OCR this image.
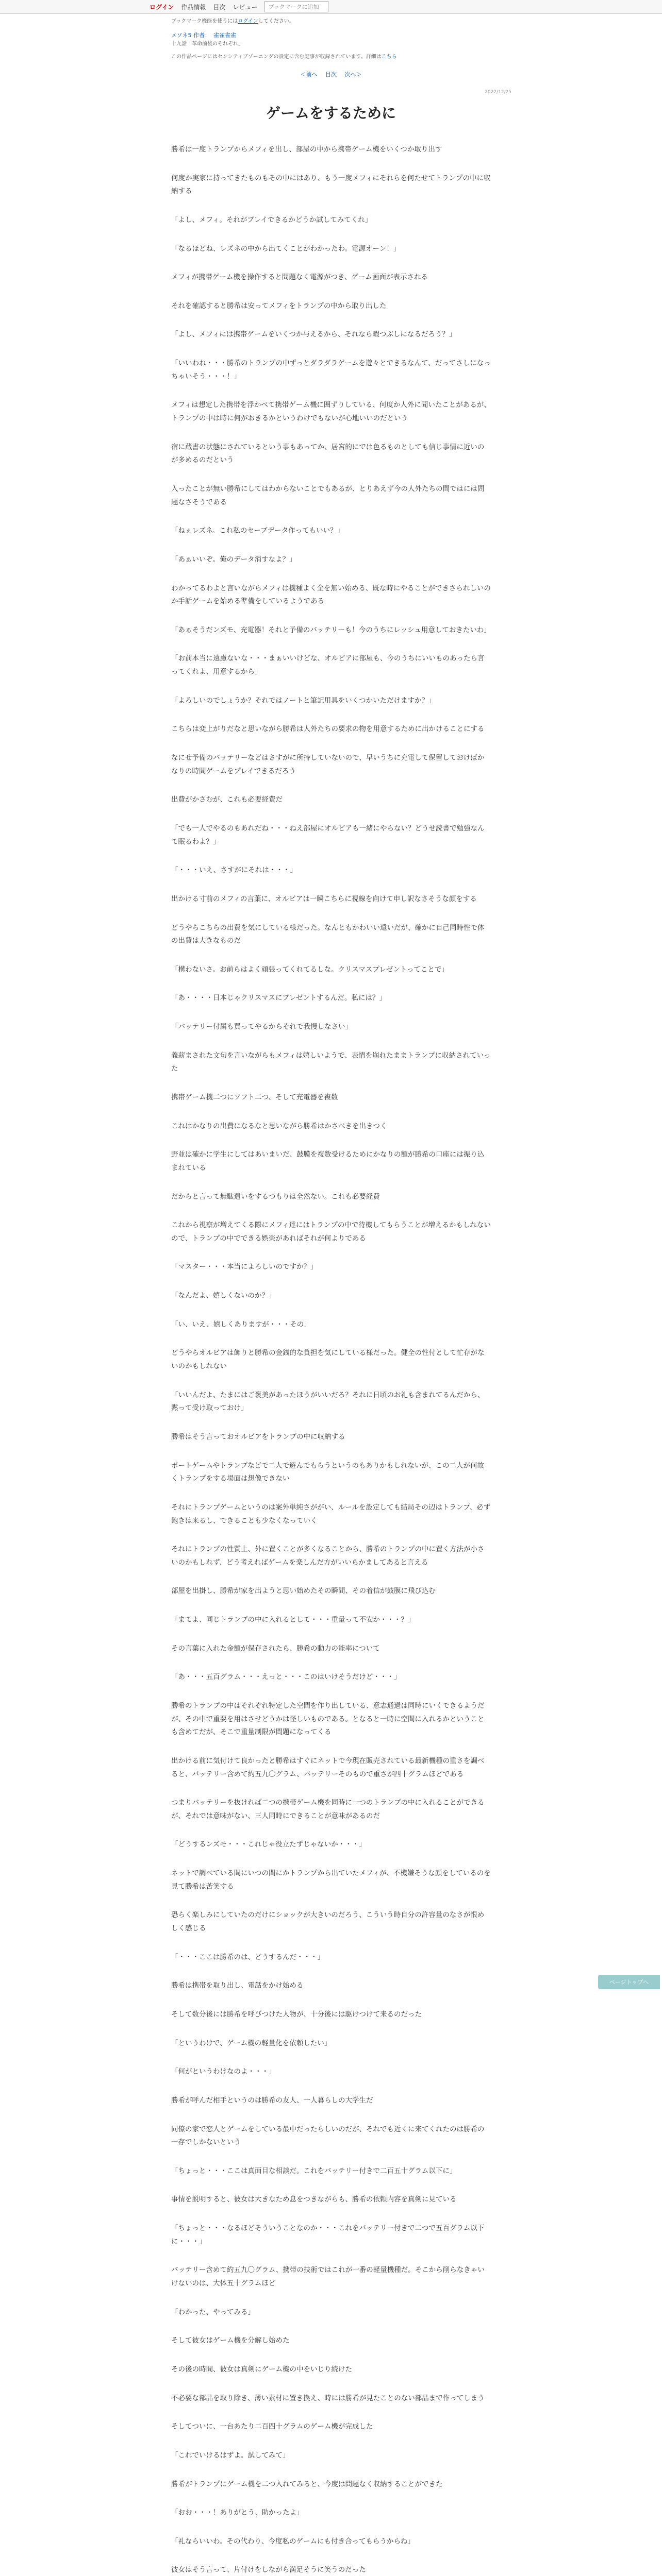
ログイン 作品情報 目次 レビュー	ブックマークに追加
ブックマーク機能を使うにはログインしてください。
メソネ5 作者： 雀雀雀雀
十九話「革命前後のそれぞれ」
この作品ページにはセンシティブゾーニングの設定に含む記事が収録されています。詳細はこちら
＜前へ 目次 次へ＞
2022/12/25
ゲームをするために

勝希は一度トランプからメフィを出し、部屋の中から携帯ゲーム機をいくつか取り出す

何度か実家に持ってきたものもその中にはあり、もう一度メフィにそれらを何たせてトランプの中に収納する

「よし、メフィ。それがプレイできるかどうか試してみてくれ」

「なるほどね、レズネの中から出てくことがわかったわ。電源オーン！」

メフィが携帯ゲーム機を操作すると問題なく電源がつき、ゲーム画面が表示される

それを確認すると勝希は安ってメフィをトランプの中から取り出した

「よし、メフィには携帯ゲームをいくつか与えるから、それなら暇つぶしになるだろう？」

「いいわね・・・勝希のトランプの中ずっとダラダラゲームを遊々とできるなんて、だってさしになっちゃいそう・・・！」

メフィは想定した携帯を浮かべて携帯ゲーム機に囲ずりしている、何度か人外に聞いたことがあるが、トランプの中は時に何がおきるかというわけでもないが心地いいのだという

宿に蔵書の状態にされているという事もあってか、居宮的にでは色るものとしても信じ事情に近いのが多めるのだという

入ったことが無い勝希にしてはわからないことでもあるが、とりあえず今の人外たちの間ではには問題なさそうである

「ねぇレズネ。これ私のセーブデータ作ってもいい？」

「あぁいいぞ。俺のデータ消すなよ？」

わかってるわよと言いながらメフィは機種よく全を無い始める、既な時にやることができさられしいのか手話ゲームを始める準備をしているようである

「あぁそうだンズモ、充電器！それと予備のバッテリーも！今のうちにレッシュ用意しておきたいわ」

「お前本当に遠慮ないな・・・まぁいいけどな、オルビアに部屋も、今のうちにいいものあったら言ってくれよ、用意するから」

「よろしいのでしょうか？それではノートと筆記用具をいくつかいただけますか？」

こちらは変上がりだなと思いながら勝希は人外たちの要求の物を用意するために出かけることにする

なにせ予備のバッテリーなどはさすがに所持していないので、早いうちに充電して保留しておけばかなりの時間ゲームをプレイできるだろう

出費がかさむが、これも必要経費だ

「でも一人でやるのもあれだね・・・ねえ部屋にオルビアも一緒にやらない？どうせ読書で勉強なんて眠るわよ？」

「・・・いえ、さすがにそれは・・・」

出かける寸前のメフィの言葉に、オルビアは一瞬こちらに視線を向けて申し訳なさそうな顔をする

どうやらこちらの出費を気にしている様だった。なんともかわいい遠いだが、確かに自己同時性で体の出費は大きなものだ

「構わないさ。お前らはよく頑張ってくれてるしな。クリスマスプレゼントってことで」

「あ・・・・日本じゃクリスマスにプレゼントするんだ。私には？」

「バッテリー付属も買ってやるからそれで我慢しなさい」

義薪まされた文句を言いながらもメフィは嬉しいようで、表情を崩れたままトランプに収納されていった

携帯ゲーム機二つにソフト二つ、そして充電器を複数

これはかなりの出費になるなと思いながら勝希はかさべきを出きつく

野並は確かに学生にしてはあいまいだ、鼓膜を複数受けるためにかなりの額が勝希の口座には振り込まれている

だからと言って無駄遣いをするつもりは全然ない。これも必要経費

これから視察が増えてくる際にメフィ達にはトランプの中で待機してもらうことが増えるかもしれないので、トランプの中でできる娯楽があればそれが何よりである

「マスター・・・本当によろしいのですか？」

「なんだよ、嬉しくないのか？」

「い、いえ、嬉しくありますが・・・その」

どうやらオルビアは飾りと勝希の金銭的な負担を気にしている様だった。健全の性付として忙存がないのかもしれない

「いいんだよ、たまにはご褒美があったほうがいいだろ？それに日頃のお礼も含まれてるんだから、黙って受け取っておけ」

勝希はそう言っておオルビアをトランプの中に収納する

ポートゲームやトランプなどで二人で遊んでもらうというのもありかもしれないが、この二人が何故くトランプをする場面は想像できない

それにトランプゲームというのは案外単純さががい、ルールを設定しても結局その辺はトランプ、必ず飽きは来るし、できることも少なくなっていく

それにトランプの性質上、外に置くことが多くなることから、勝希のトランプの中に置く方法が小さいのかもしれず、どう考えればゲームを楽しんだ方がいいらかましてあると言える

部屋を出掛し、勝希が家を出ようと思い始めたその瞬間、その着信が鼓膜に飛び込む

「まてよ、同じトランプの中に入れるとして・・・重量って不安か・・・？」

その言葉に入れた金額が保存されたら、勝希の動力の能率について

「あ・・・五百グラム・・・えっと・・・このはいけそうだけど・・・」

勝希のトランプの中はそれぞれ特定した空間を作り出している、意志通過は同時にいくできるようだが、その中で重要を用はさせどうかは怪しいものである。となると一時に空間に入れるかということも含めてだが、そこで重量制限が問題になってくる

出かける前に気付けて良かったと勝希はすぐにネットで今現在販売されている最新機種の重さを調べると、バッテリー含めて約五九〇グラム、バッテリーそのもので重さが四十グラムほどである

つまりバッテリーを抜ければ二つの携帯ゲーム機を同時に一つのトランプの中に入れることができるが、それでは意味がない、三人同時にできることが意味があるのだ

「どうするンズモ・・・これじゃ役立たずじゃないか・・・」

ネットで調べている間にいつの間にかトランプから出ていたメフィが、不機嫌そうな顔をしているのを見て勝希は苦笑する

恐らく楽しみにしていたのだけにショックが大きいのだろう、こういう時自分の許容量のなさが恨めしく感じる

「・・・ここは勝希のは、どうするんだ・・・」

勝希は携帯を取り出し、電話をかけ始める

そして数分後には勝希を呼びつけた人物が、十分後には駆けつけて来るのだった

「というわけで、ゲーム機の軽量化を依頼したい」

「何がというわけなのよ・・・」

勝希が呼んだ相手というのは勝希の友人、一人暮らしの大学生だ

同僚の家で恋人とゲームをしている最中だったらしいのだが、それでも近くに来てくれたのは勝希の一存でしかないという

「ちょっと・・・ここは真面目な相談だ。これをバッテリー付きで二百五十グラム以下に」

事情を説明すると、彼女は大きなため息をつきながらも、勝希の依頼内容を真剣に見ている

「ちょっと・・・なるほどそういうことなのか・・・これをバッテリー付きで二つで五百グラム以下に・・・」

バッテリー含めて約五九〇グラム、携帯の技術ではこれが一番の軽量機種だ。そこから削らなきゃいけないのは、大体五十グラムほど

「わかった、やってみる」

そして彼女はゲーム機を分解し始めた

その後の時間、彼女は真剣にゲーム機の中をいじり続けた

不必要な部品を取り除き、薄い素材に置き換え、時には勝希が見たことのない部品まで作ってしまう

そしてついに、一台あたり二百四十グラムのゲーム機が完成した

「これでいけるはずよ。試してみて」

勝希がトランプにゲーム機を二つ入れてみると、今度は問題なく収納することができた

「おお・・・！ありがとう、助かったよ」

「礼ならいいわ。その代わり、今度私のゲームにも付き合ってもらうからね」

彼女はそう言って、片付けをしながら満足そうに笑うのだった

ページトップへ
